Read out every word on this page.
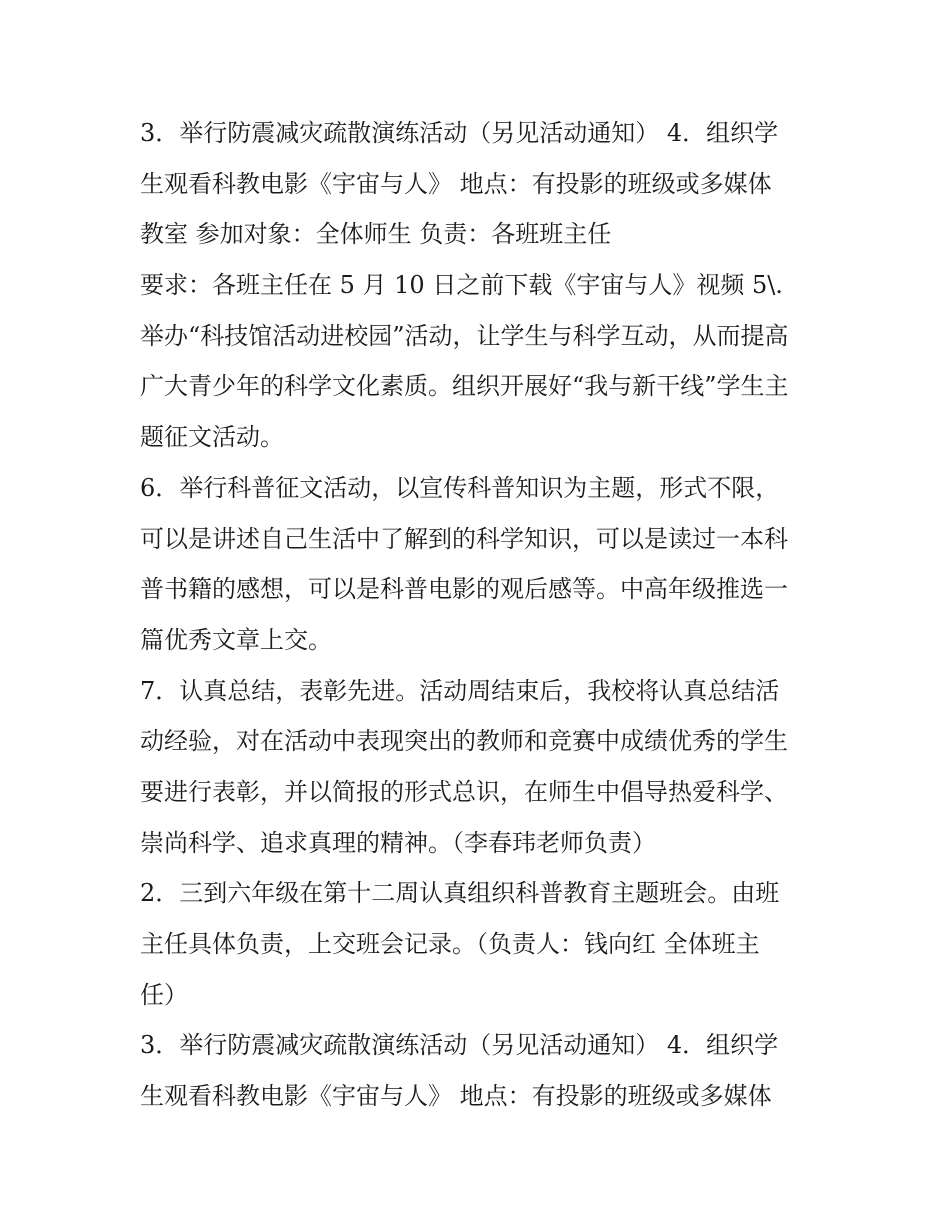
3．举行防震减灾疏散演练活动（另见活动通知） 4．组织学
生观看科教电影《宇宙与人》 地点：有投影的班级或多媒体
教室 参加对象：全体师生 负责：各班班主任
要求：各班主任在 5 月 10 日之前下载《宇宙与人》视频 5\.
举办“科技馆活动进校园”活动，让学生与科学互动，从而提高
广大青少年的科学文化素质。组织开展好“我与新干线”学生主
题征文活动。
6．举行科普征文活动，以宣传科普知识为主题，形式不限，
可以是讲述自己生活中了解到的科学知识，可以是读过一本科
普书籍的感想，可以是科普电影的观后感等。中高年级推选一
篇优秀文章上交。
7．认真总结，表彰先进。活动周结束后，我校将认真总结活
动经验，对在活动中表现突出的教师和竞赛中成绩优秀的学生
要进行表彰，并以简报的形式总识，在师生中倡导热爱科学、
崇尚科学、追求真理的精神。（李春玮老师负责）
2．三到六年级在第十二周认真组织科普教育主题班会。由班
主任具体负责，上交班会记录。（负责人：钱向红 全体班主
任）
3．举行防震减灾疏散演练活动（另见活动通知） 4．组织学
生观看科教电影《宇宙与人》 地点：有投影的班级或多媒体
